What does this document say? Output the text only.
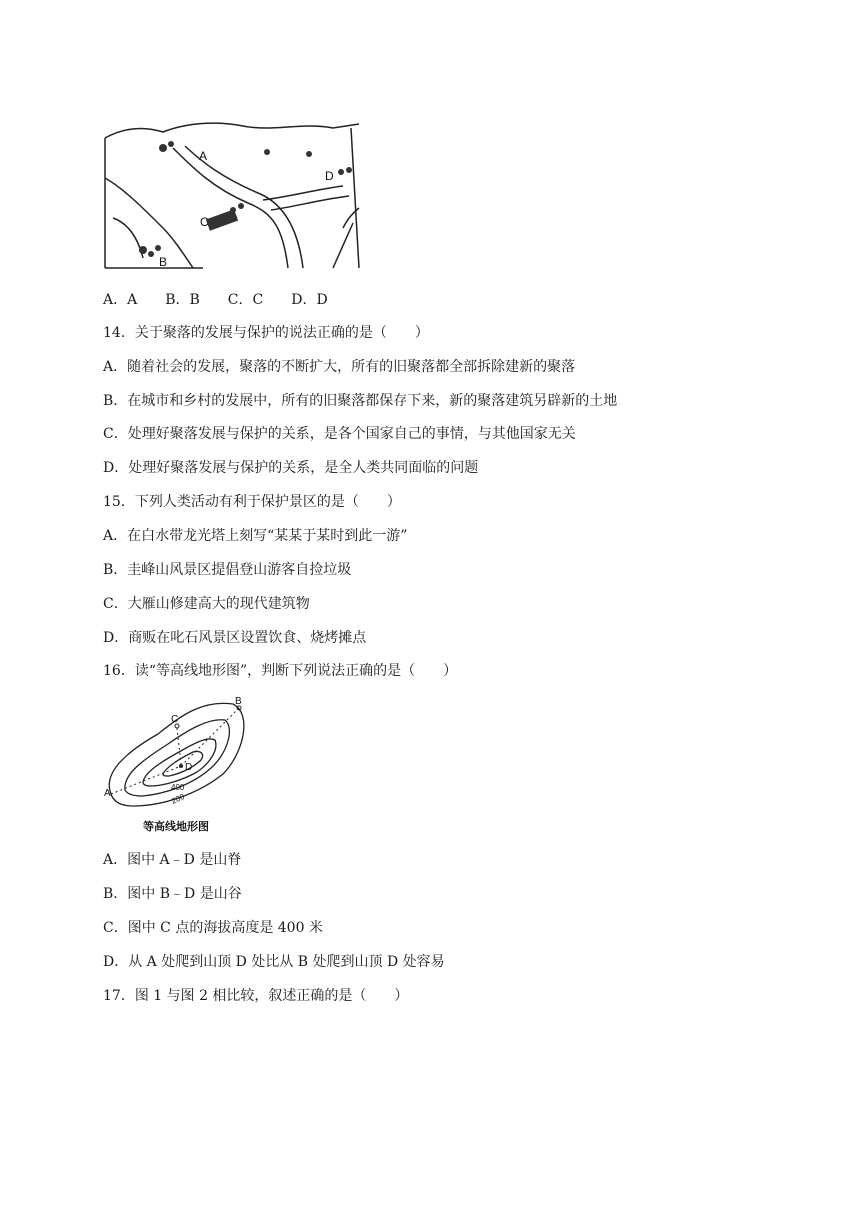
A
B
C
D
A．A　　B．B　　C．C　　D．D
14．关于聚落的发展与保护的说法正确的是（　　）
A．随着社会的发展，聚落的不断扩大，所有的旧聚落都全部拆除建新的聚落
B．在城市和乡村的发展中，所有的旧聚落都保存下来，新的聚落建筑另辟新的土地
C．处理好聚落发展与保护的关系，是各个国家自己的事情，与其他国家无关
D．处理好聚落发展与保护的关系，是全人类共同面临的问题
15．下列人类活动有利于保护景区的是（　　）
A．在白水带龙光塔上刻写“某某于某时到此一游”
B．圭峰山风景区提倡登山游客自捡垃圾
C．大雁山修建高大的现代建筑物
D．商贩在叱石风景区设置饮食、烧烤摊点
16．读“等高线地形图”，判断下列说法正确的是（　　）
A
B
C
D
400
200
等高线地形图
A．图中 A﹣D 是山脊
B．图中 B﹣D 是山谷
C．图中 C 点的海拔高度是 400 米
D．从 A 处爬到山顶 D 处比从 B 处爬到山顶 D 处容易
17．图 1 与图 2 相比较，叙述正确的是（　　）
